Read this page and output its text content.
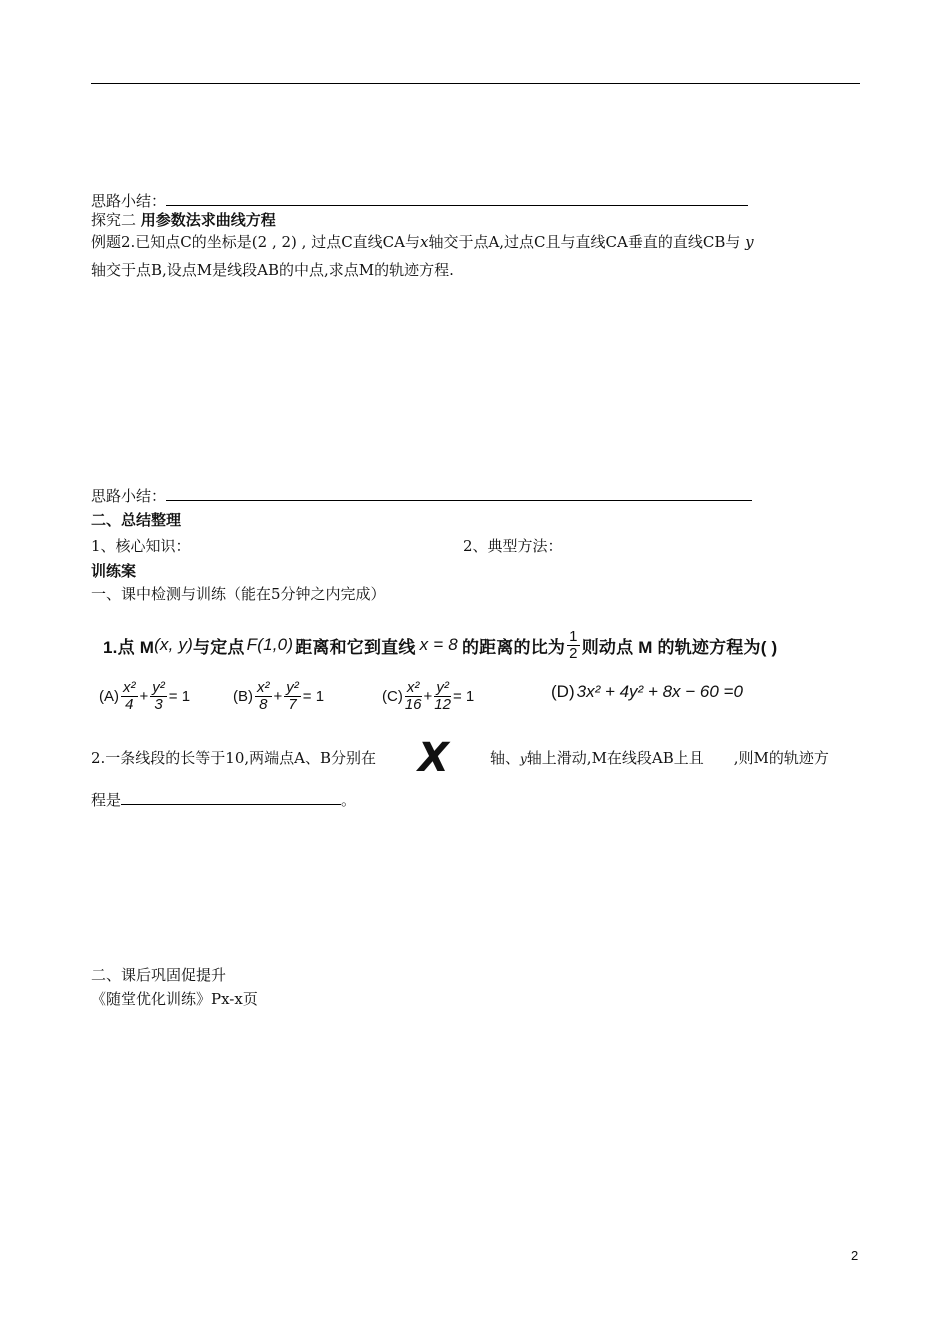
思路小结：
探究二 用参数法求曲线方程
例题2.已知点C的坐标是(2 , 2) , 过点C直线CA与x轴交于点A,过点C且与直线CA垂直的直线CB与 y
轴交于点B,设点M是线段AB的中点,求点M的轨迹方程.
思路小结：
二、总结整理
1、核心知识：	2、典型方法：
训练案
一、课中检测与训练（能在5分钟之内完成）
1.点 M (x, y) 与定点 F(1,0) 距离和它到直线 x = 8 的距离的比为 $\frac{1}{2}$ 则动点 M 的轨迹方程为( )
$(A) \frac{\text{x²}}{4} + \frac{\text{y²}}{3} = 1$	$(B) \frac{\text{x²}}{8} + \frac{\text{y²}}{7} = 1$	$(C) \frac{\text{x²}}{16} + \frac{\text{y²}}{12} = 1$	(D) 3x² + 4y² + 8x − 60 =0
2.一条线段的长等于10,两端点A、B分别在 X	轴、y轴上滑动,M在线段AB上且 ,则M的轨迹方
程是	。
二、课后巩固促提升
《随堂优化训练》Px-x页
2
